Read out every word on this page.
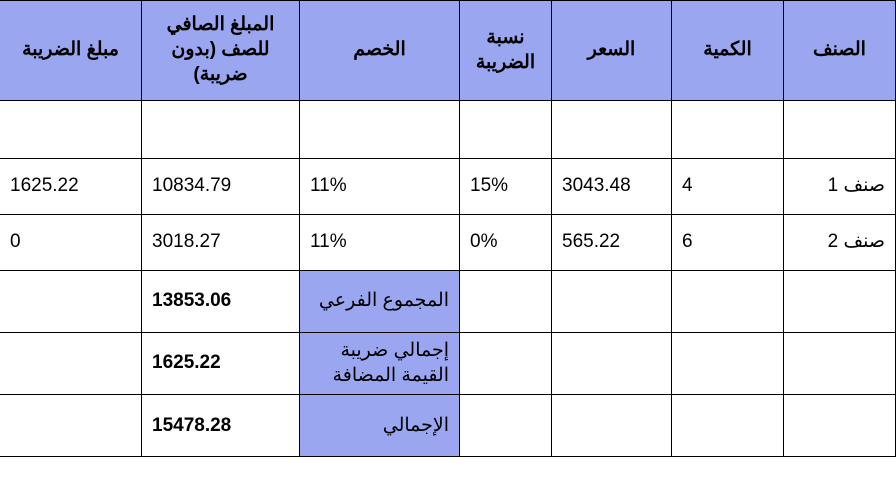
الصنف	الكمية	السعر	نسبة الضريبة	الخصم	المبلغ الصافي للصف (بدون ضريبة)	مبلغ الضريبة

صنف 1	4	3043.48	15%	11%	10834.79	1625.22
صنف 2	6	565.22	0%	11%	3018.27	0
				المجموع الفرعي	13853.06	
				إجمالي ضريبة القيمة المضافة	1625.22	
				الإجمالي	15478.28	
